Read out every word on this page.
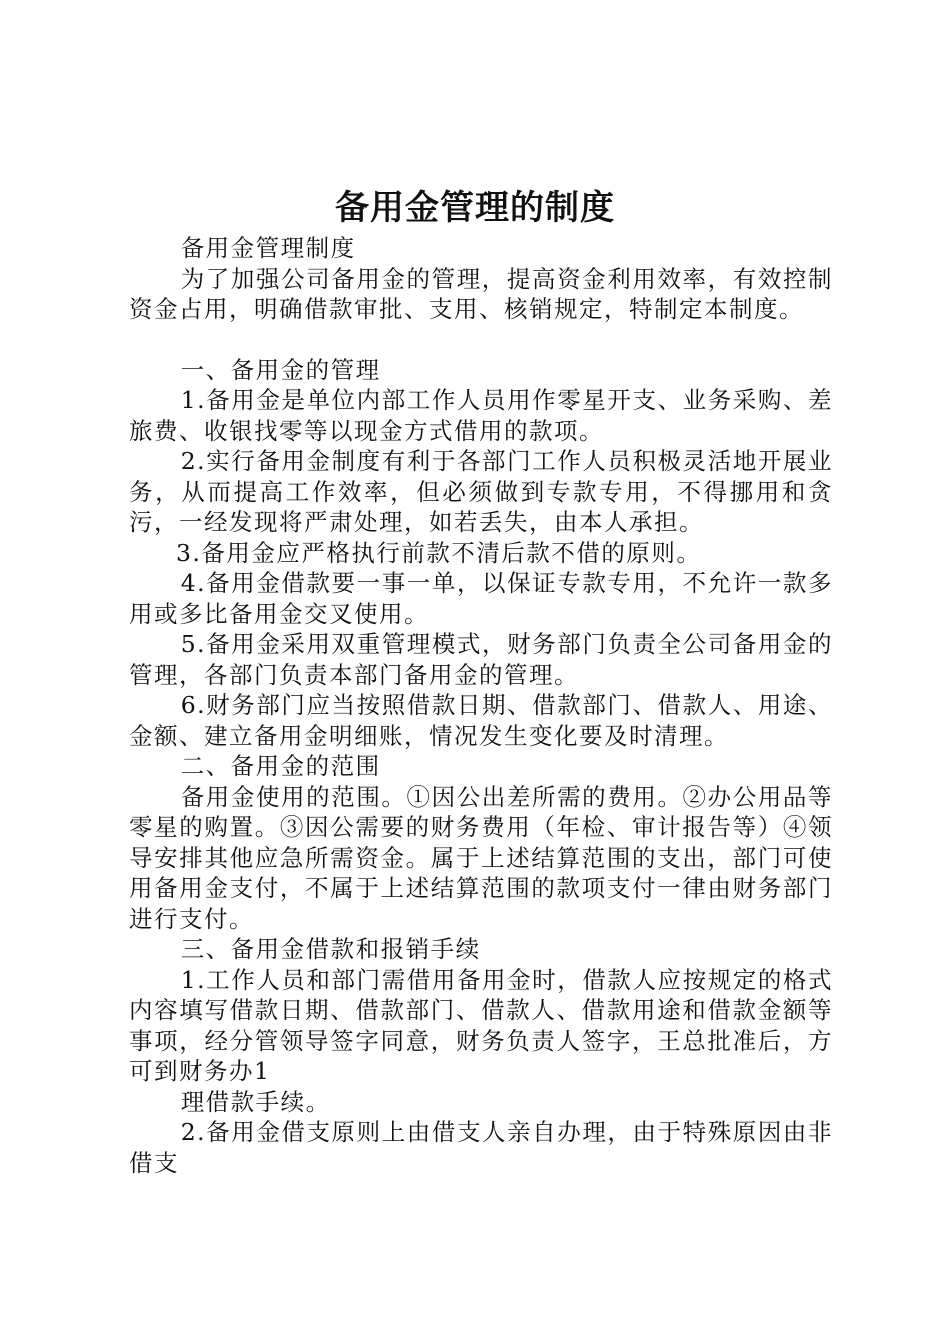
备用金管理的制度

备用金管理制度

为了加强公司备用金的管理，提高资金利用效率，有效控制资金占用，明确借款审批、支用、核销规定，特制定本制度。

一、备用金的管理

1.备用金是单位内部工作人员用作零星开支、业务采购、差旅费、收银找零等以现金方式借用的款项。

2.实行备用金制度有利于各部门工作人员积极灵活地开展业务，从而提高工作效率，但必须做到专款专用，不得挪用和贪污，一经发现将严肃处理，如若丢失，由本人承担。

3.备用金应严格执行前款不清后款不借的原则。

4.备用金借款要一事一单，以保证专款专用，不允许一款多用或多比备用金交叉使用。

5.备用金采用双重管理模式，财务部门负责全公司备用金的管理，各部门负责本部门备用金的管理。

6.财务部门应当按照借款日期、借款部门、借款人、用途、金额、建立备用金明细账，情况发生变化要及时清理。

二、备用金的范围

备用金使用的范围。①因公出差所需的费用。②办公用品等零星的购置。③因公需要的财务费用（年检、审计报告等）④领导安排其他应急所需资金。属于上述结算范围的支出，部门可使用备用金支付，不属于上述结算范围的款项支付一律由财务部门进行支付。

三、备用金借款和报销手续

1.工作人员和部门需借用备用金时，借款人应按规定的格式内容填写借款日期、借款部门、借款人、借款用途和借款金额等事项，经分管领导签字同意，财务负责人签字，王总批准后，方可到财务办1

理借款手续。

2.备用金借支原则上由借支人亲自办理，由于特殊原因由非借支
